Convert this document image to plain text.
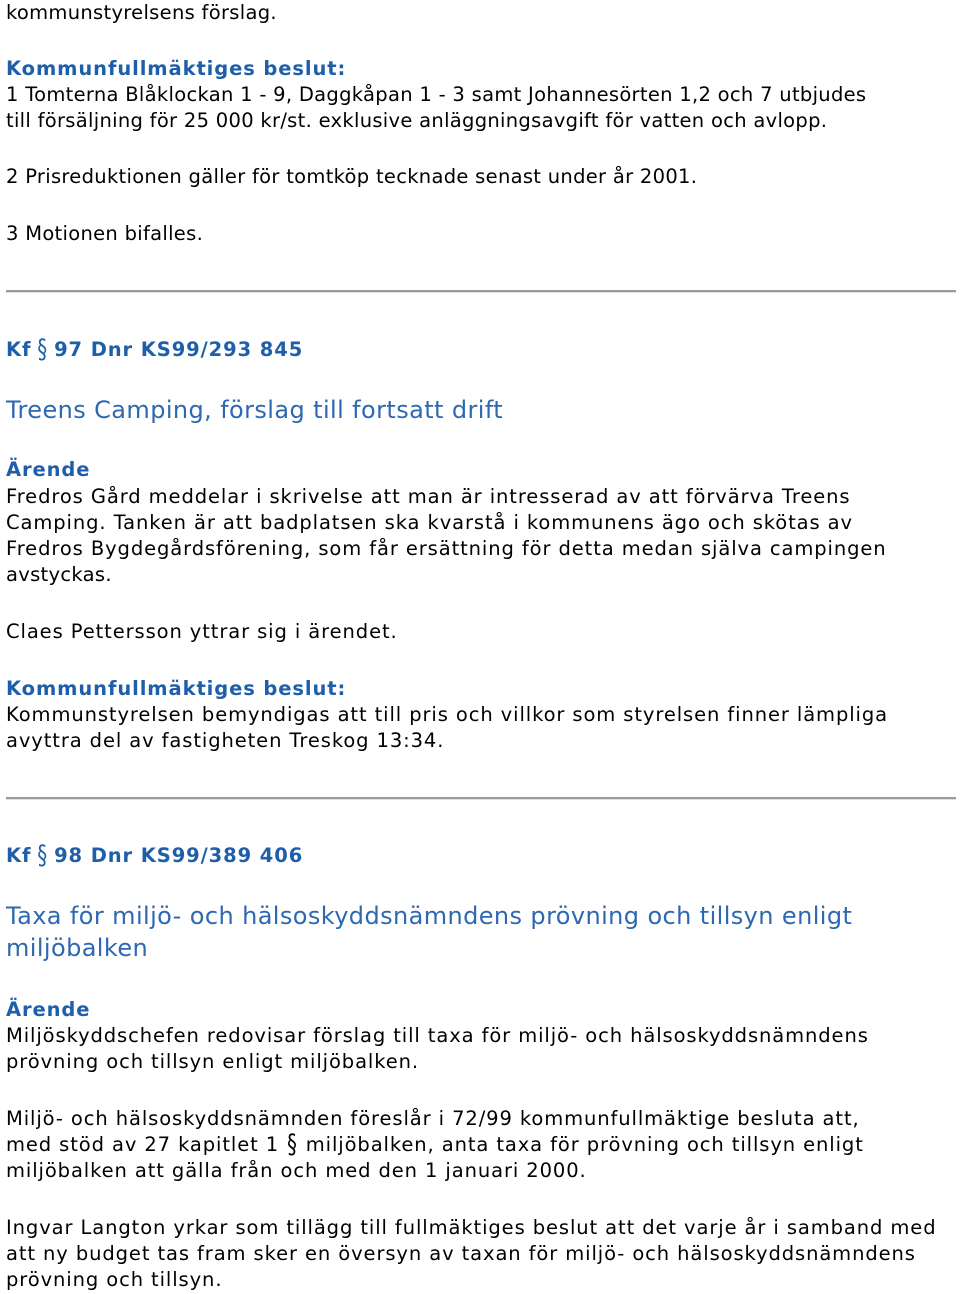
kommunstyrelsens förslag.
Kommunfullmäktiges beslut:
1 Tomterna Blåklockan 1 - 9, Daggkåpan 1 - 3 samt Johannesörten 1,2 och 7 utbjudes
till försäljning för 25 000 kr/st. exklusive anläggningsavgift för vatten och avlopp.
2 Prisreduktionen gäller för tomtköp tecknade senast under år 2001.
3 Motionen bifalles.
Kf § 97 Dnr KS99/293 845
Treens Camping, förslag till fortsatt drift
Ärende
Fredros Gård meddelar i skrivelse att man är intresserad av att förvärva Treens
Camping. Tanken är att badplatsen ska kvarstå i kommunens ägo och skötas av
Fredros Bygdegårdsförening, som får ersättning för detta medan själva campingen
avstyckas.
Claes Pettersson yttrar sig i ärendet.
Kommunfullmäktiges beslut:
Kommunstyrelsen bemyndigas att till pris och villkor som styrelsen finner lämpliga
avyttra del av fastigheten Treskog 13:34.
Kf § 98 Dnr KS99/389 406
Taxa för miljö- och hälsoskyddsnämndens prövning och tillsyn enligt
miljöbalken
Ärende
Miljöskyddschefen redovisar förslag till taxa för miljö- och hälsoskyddsnämndens
prövning och tillsyn enligt miljöbalken.
Miljö- och hälsoskyddsnämnden föreslår i 72/99 kommunfullmäktige besluta att,
med stöd av 27 kapitlet 1 § miljöbalken, anta taxa för prövning och tillsyn enligt
miljöbalken att gälla från och med den 1 januari 2000.
Ingvar Langton yrkar som tillägg till fullmäktiges beslut att det varje år i samband med
att ny budget tas fram sker en översyn av taxan för miljö- och hälsoskyddsnämndens
prövning och tillsyn.
